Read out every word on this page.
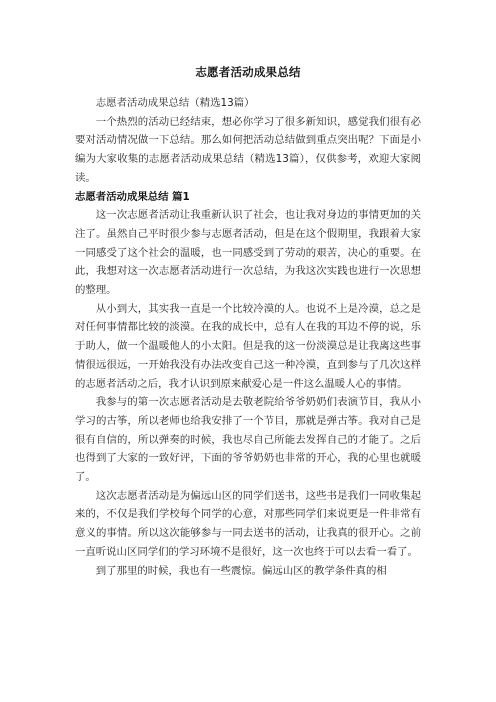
志愿者活动成果总结

志愿者活动成果总结（精选13篇）

一个热烈的活动已经结束，想必你学习了很多新知识，感觉我们很有必要对活动情况做一下总结。那么如何把活动总结做到重点突出呢？下面是小编为大家收集的志愿者活动成果总结（精选13篇），仅供参考，欢迎大家阅读。

志愿者活动成果总结 篇1

这一次志愿者活动让我重新认识了社会，也让我对身边的事情更加的关注了。虽然自己平时很少参与志愿者活动，但是在这个假期里，我跟着大家一同感受了这个社会的温暖，也一同感受到了劳动的艰苦，决心的重要。在此，我想对这一次志愿者活动进行一次总结，为我这次实践也进行一次思想的整理。

从小到大，其实我一直是一个比较冷漠的人。也说不上是冷漠，总之是对任何事情都比较的淡漠。在我的成长中，总有人在我的耳边不停的说，乐于助人，做一个温暖他人的小太阳。但是我的这一份淡漠总是让我离这些事情很远很远，一开始我没有办法改变自己这一种冷漠，直到参与了几次这样的志愿者活动之后，我才认识到原来献爱心是一件这么温暖人心的事情。

我参与的第一次志愿者活动是去敬老院给爷爷奶奶们表演节目，我从小学习的古筝，所以老师也给我安排了一个节目，那就是弹古筝。我对自己是很有自信的，所以弹奏的时候，我也尽自己所能去发挥自己的才能了。之后也得到了大家的一致好评，下面的爷爷奶奶也非常的开心，我的心里也就暖了。

这次志愿者活动是为偏远山区的同学们送书，这些书是我们一同收集起来的，不仅是我们学校每个同学的心意，对那些同学们来说更是一件非常有意义的事情。所以这次能够参与一同去送书的活动，让我真的很开心。之前一直听说山区同学们的学习环境不是很好，这一次也终于可以去看一看了。

到了那里的时候，我也有一些震惊。偏远山区的教学条件真的相
